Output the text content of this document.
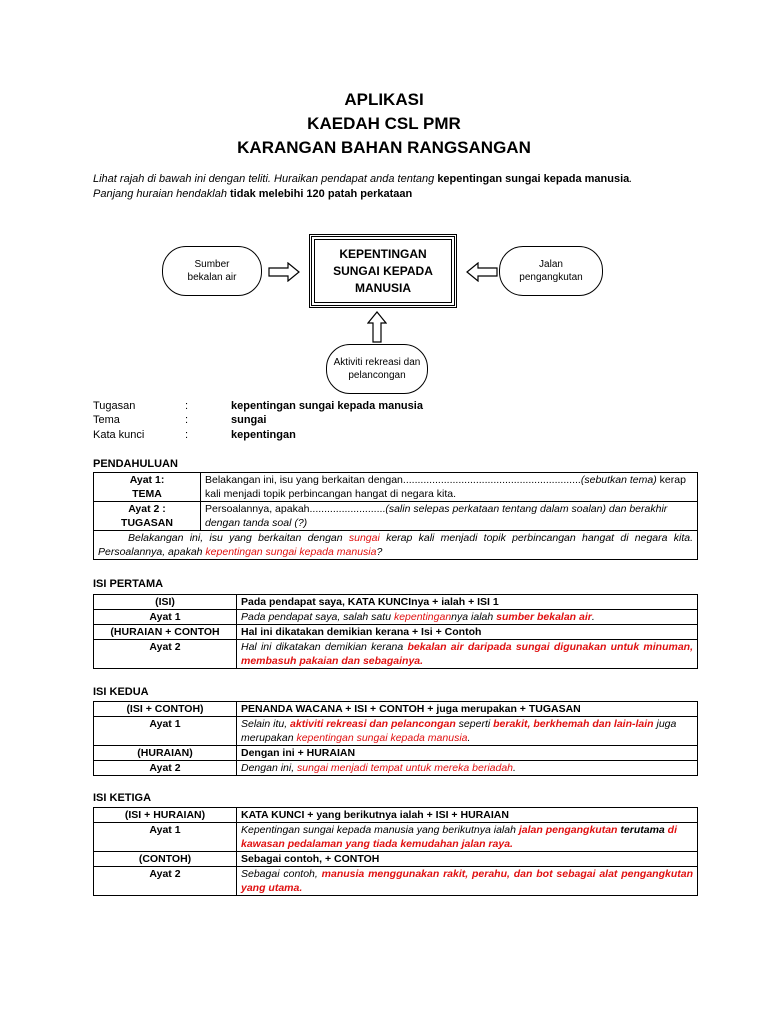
APLIKASI
KAEDAH CSL PMR
KARANGAN BAHAN RANGSANGAN
Lihat rajah di bawah ini dengan teliti. Huraikan pendapat anda tentang kepentingan sungai kepada manusia.
Panjang huraian hendaklah tidak melebihi 120 patah perkataan
Sumber bekalan air
KEPENTINGAN SUNGAI KEPADA MANUSIA
Jalan pengangkutan
Aktiviti rekreasi dan pelancongan
Tugasan	:	kepentingan sungai kepada manusia
Tema	:	sungai
Kata kunci	:	kepentingan
PENDAHULUAN
Ayat 1:
TEMA	Belakangan ini, isu yang berkaitan dengan.............................................................(sebutkan tema) kerap kali menjadi topik perbincangan hangat di negara kita.
Ayat 2 :
TUGASAN	Persoalannya, apakah..........................(salin selepas perkataan tentang dalam soalan) dan berakhir dengan tanda soal (?)
Belakangan ini, isu yang berkaitan dengan sungai kerap kali menjadi topik perbincangan hangat di negara kita. Persoalannya, apakah kepentingan sungai kepada manusia?	
ISI PERTAMA
(ISI)	Pada pendapat saya, KATA KUNCInya + ialah + ISI 1
Ayat 1	Pada pendapat saya, salah satu kepentingannya ialah sumber bekalan air.
(HURAIAN + CONTOH	Hal ini dikatakan demikian kerana + Isi + Contoh
Ayat 2	Hal ini dikatakan demikian kerana bekalan air daripada sungai digunakan untuk minuman, membasuh pakaian dan sebagainya.
ISI KEDUA
(ISI + CONTOH)	PENANDA WACANA + ISI + CONTOH + juga merupakan + TUGASAN
Ayat 1	Selain itu, aktiviti rekreasi dan pelancongan seperti berakit, berkhemah dan lain-lain juga merupakan kepentingan sungai kepada manusia.
(HURAIAN)	Dengan ini + HURAIAN
Ayat 2	Dengan ini, sungai menjadi tempat untuk mereka beriadah.
ISI KETIGA
(ISI + HURAIAN)	KATA KUNCI + yang berikutnya ialah + ISI + HURAIAN
Ayat 1	Kepentingan sungai kepada manusia yang berikutnya ialah jalan pengangkutan terutama di kawasan pedalaman yang tiada kemudahan jalan raya.
(CONTOH)	Sebagai contoh, + CONTOH
Ayat 2	Sebagai contoh, manusia menggunakan rakit, perahu, dan bot sebagai alat pengangkutan yang utama.
